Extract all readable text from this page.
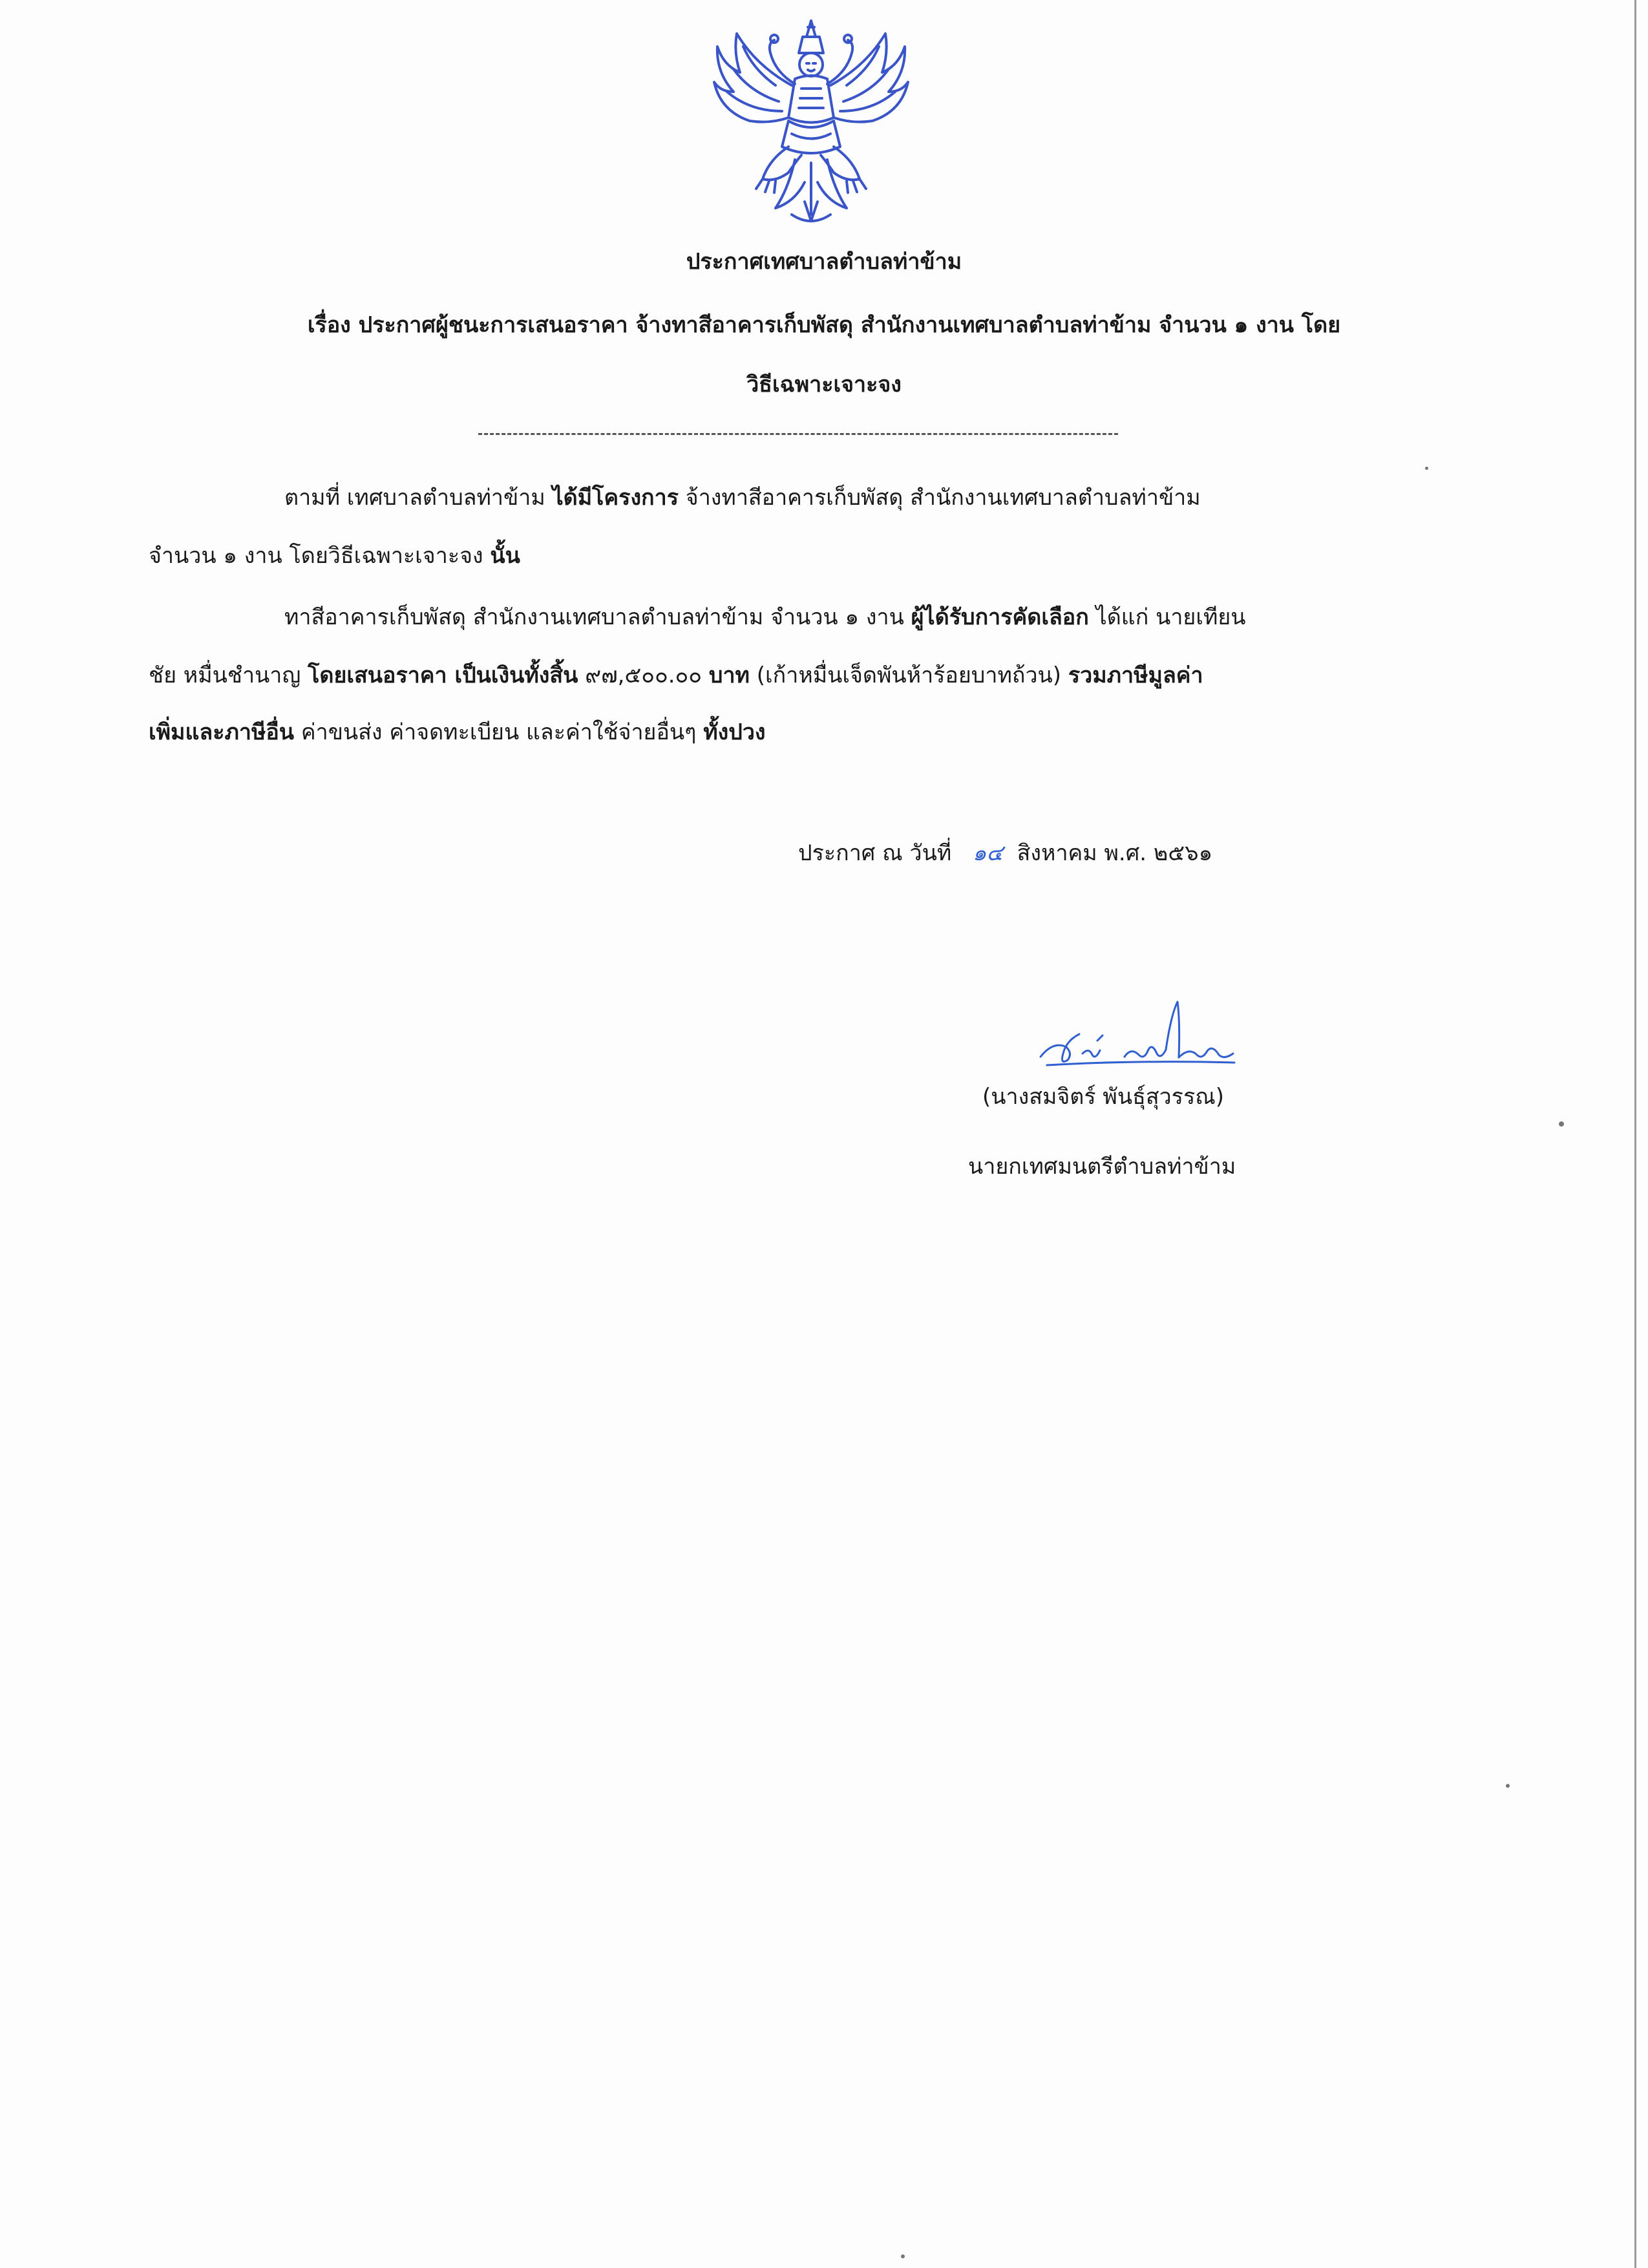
ประกาศเทศบาลตำบลท่าข้าม
เรื่อง ประกาศผู้ชนะการเสนอราคา จ้างทาสีอาคารเก็บพัสดุ สำนักงานเทศบาลตำบลท่าข้าม จำนวน ๑ งาน โดย
วิธีเฉพาะเจาะจง
ตามที่ เทศบาลตำบลท่าข้าม ได้มีโครงการ จ้างทาสีอาคารเก็บพัสดุ สำนักงานเทศบาลตำบลท่าข้าม
จำนวน ๑ งาน โดยวิธีเฉพาะเจาะจง นั้น
ทาสีอาคารเก็บพัสดุ สำนักงานเทศบาลตำบลท่าข้าม จำนวน ๑ งาน ผู้ได้รับการคัดเลือก ได้แก่ นายเทียน
ชัย หมื่นชำนาญ โดยเสนอราคา เป็นเงินทั้งสิ้น ๙๗,๕๐๐.๐๐ บาท (เก้าหมื่นเจ็ดพันห้าร้อยบาทถ้วน) รวมภาษีมูลค่า
เพิ่มและภาษีอื่น ค่าขนส่ง ค่าจดทะเบียน และค่าใช้จ่ายอื่นๆ ทั้งปวง
ประกาศ ณ วันที่ ๑๔ สิงหาคม พ.ศ. ๒๕๖๑
(นางสมจิตร์ พันธุ์สุวรรณ)
นายกเทศมนตรีตำบลท่าข้าม
